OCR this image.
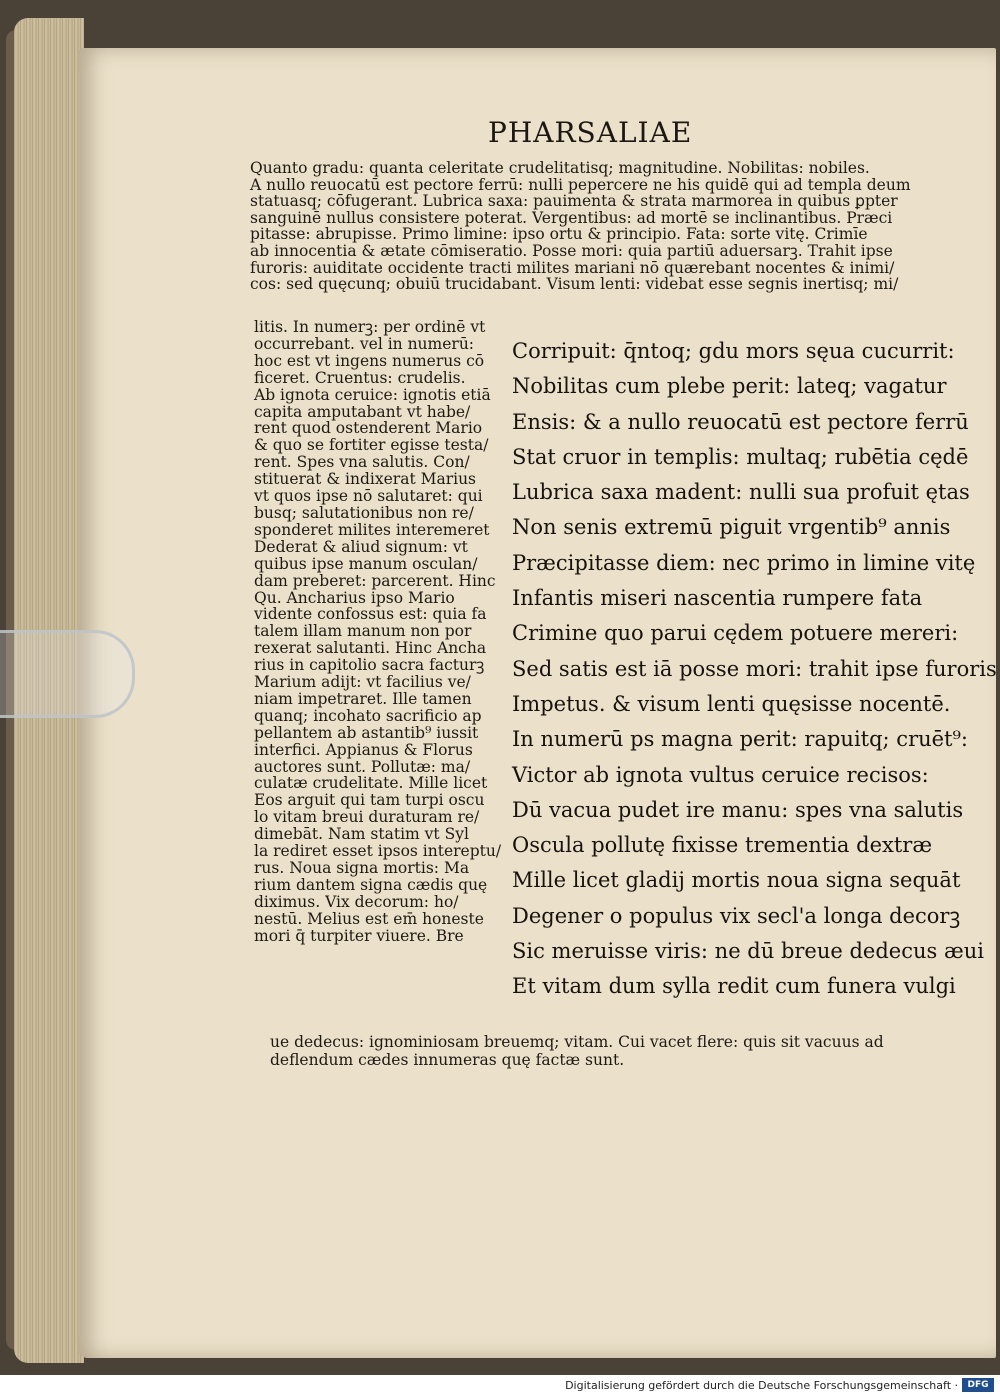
PHARSALIAE

Quanto gradu: quanta celeritate crudelitatisq; magnitudine. Nobilitas: nobiles.

A nullo reuocatū est pectore ferrū: nulli pepercere ne his quidē qui ad templa deum

statuasq; cōfugerant. Lubrica saxa: pauimenta & strata marmorea in quibus ꝑpter

sanguinē nullus consistere poterat. Vergentibus: ad mortē se inclinantibus. Præci

pitasse: abrupisse. Primo limine: ipso ortu & principio. Fata: sorte vitę. Crimīe

ab innocentia & ætate cōmiseratio. Posse mori: quia partiū aduersarꝫ. Trahit ipse

furoris: auiditate occidente tracti milites mariani nō quærebant nocentes & inimi/

cos: sed quęcunq; obuiū trucidabant. Visum lenti: videbat esse segnis inertisq; mi/

litis. In numerꝫ: per ordinē vt

occurrebant. vel in numerū:

hoc est vt ingens numerus cō

ficeret. Cruentus: crudelis.

Ab ignota ceruice: ignotis etiā

capita amputabant vt habe/

rent quod ostenderent Mario

& quo se fortiter egisse testa/

rent. Spes vna salutis. Con/

stituerat & indixerat Marius

vt quos ipse nō salutaret: qui

busq; salutationibus non re/

sponderet milites interemeret

Dederat & aliud signum: vt

quibus ipse manum osculan/

dam preberet: parcerent. Hinc

Qu. Ancharius ipso Mario

vidente confossus est: quia fa

talem illam manum non por

rexerat salutanti. Hinc Ancha

rius in capitolio sacra facturꝫ

Marium adijt: vt facilius ve/

niam impetraret. Ille tamen

quanq; incohato sacrificio ap

pellantem ab astantib⁹ iussit

interfici. Appianus & Florus

auctores sunt. Pollutæ: ma/

culatæ crudelitate. Mille licet

Eos arguit qui tam turpi oscu

lo vitam breui duraturam re/

dimebāt. Nam statim vt Syl

la rediret esset ipsos intereptu/

rus. Noua signa mortis: Ma

rium dantem signa cædis quę

diximus. Vix decorum: ho/

nestū. Melius est em̄ honeste

mori q̄ turpiter viuere. Bre

Corripuit: q̄ntoq; gdu mors sęua cucurrit:

Nobilitas cum plebe perit: lateq; vagatur

Ensis: & a nullo reuocatū est pectore ferrū

Stat cruor in templis: multaq; rubētia cędē

Lubrica saxa madent: nulli sua profuit ętas

Non senis extremū piguit vrgentib⁹ annis

Præcipitasse diem: nec primo in limine vitę

Infantis miseri nascentia rumpere fata

Crimine quo parui cędem potuere mereri:

Sed satis est iā posse mori: trahit ipse furoris

Impetus. & visum lenti quęsisse nocentē.

In numerū ps magna perit: rapuitq; cruēt⁹:

Victor ab ignota vultus ceruice recisos:

Dū vacua pudet ire manu: spes vna salutis

Oscula pollutę fixisse trementia dextræ

Mille licet gladij mortis noua signa sequāt

Degener o populus vix secl'a longa decorꝫ

Sic meruisse viris: ne dū breue dedecus æui

Et vitam dum sylla redit cum funera vulgi

ue dedecus: ignominiosam breuemq; vitam. Cui vacet flere: quis sit vacuus ad

deflendum cædes innumeras quę factæ sunt.

Digitalisierung gefördert durch die Deutsche Forschungsgemeinschaft ·	DFG
